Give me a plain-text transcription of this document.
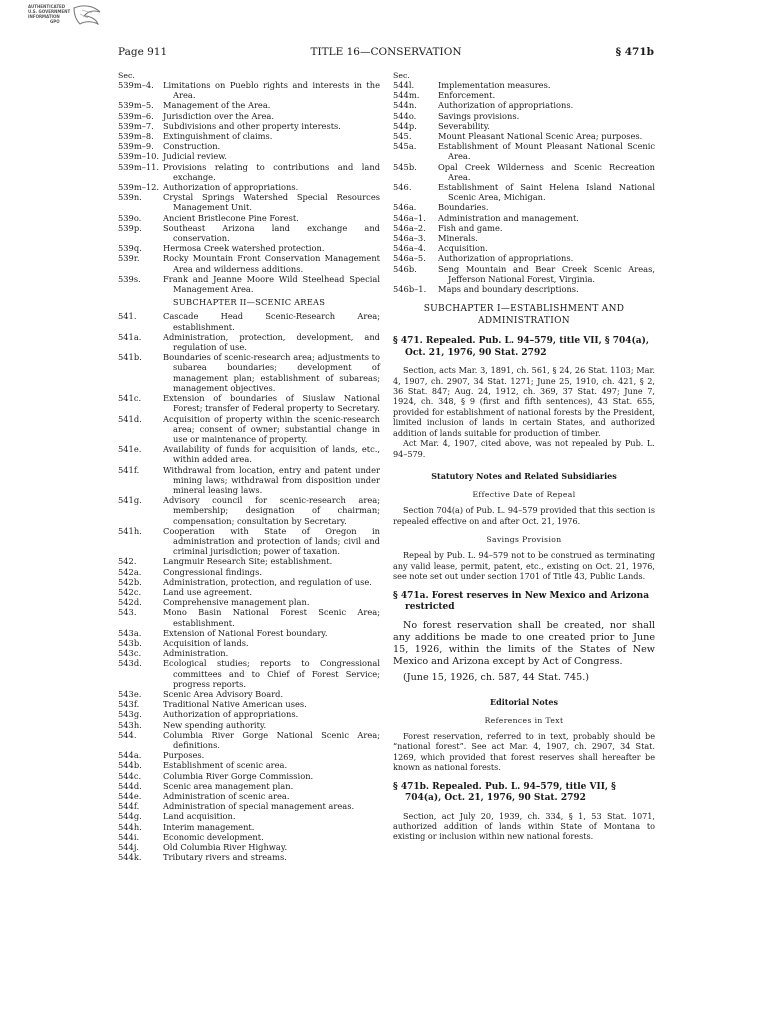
AUTHENTICATED
U.S. GOVERNMENT
INFORMATION
GPO
Page 911	TITLE 16—CONSERVATION	§ 471b
Sec.
539m–4.	Limitations on Pueblo rights and interests in the Area.
539m–5.	Management of the Area.
539m–6.	Jurisdiction over the Area.
539m–7.	Subdivisions and other property interests.
539m–8.	Extinguishment of claims.
539m–9.	Construction.
539m–10. Judicial review.
539m–11. Provisions relating to contributions and land exchange.
539m–12. Authorization of appropriations.
539n.	Crystal Springs Watershed Special Resources Management Unit.
539o.	Ancient Bristlecone Pine Forest.
539p.	Southeast Arizona land exchange and conservation.
539q.	Hermosa Creek watershed protection.
539r.	Rocky Mountain Front Conservation Management Area and wilderness additions.
539s.	Frank and Jeanne Moore Wild Steelhead Special Management Area.
SUBCHAPTER II—SCENIC AREAS
541.	Cascade Head Scenic-Research Area; establishment.
541a.	Administration, protection, development, and regulation of use.
541b.	Boundaries of scenic-research area; adjustments to subarea boundaries; development of management plan; establishment of subareas; management objectives.
541c.	Extension of boundaries of Siuslaw National Forest; transfer of Federal property to Secretary.
541d.	Acquisition of property within the scenic-research area; consent of owner; substantial change in use or maintenance of property.
541e.	Availability of funds for acquisition of lands, etc., within added area.
541f.	Withdrawal from location, entry and patent under mining laws; withdrawal from disposition under mineral leasing laws.
541g.	Advisory council for scenic-research area; membership; designation of chairman; compensation; consultation by Secretary.
541h.	Cooperation with State of Oregon in administration and protection of lands; civil and criminal jurisdiction; power of taxation.
542.	Langmuir Research Site; establishment.
542a.	Congressional findings.
542b.	Administration, protection, and regulation of use.
542c.	Land use agreement.
542d.	Comprehensive management plan.
543.	Mono Basin National Forest Scenic Area; establishment.
543a.	Extension of National Forest boundary.
543b.	Acquisition of lands.
543c.	Administration.
543d.	Ecological studies; reports to Congressional committees and to Chief of Forest Service; progress reports.
543e.	Scenic Area Advisory Board.
543f.	Traditional Native American uses.
543g.	Authorization of appropriations.
543h.	New spending authority.
544.	Columbia River Gorge National Scenic Area; definitions.
544a.	Purposes.
544b.	Establishment of scenic area.
544c.	Columbia River Gorge Commission.
544d.	Scenic area management plan.
544e.	Administration of scenic area.
544f.	Administration of special management areas.
544g.	Land acquisition.
544h.	Interim management.
544i.	Economic development.
544j.	Old Columbia River Highway.
544k.	Tributary rivers and streams.
Sec.
544l.	Implementation measures.
544m.	Enforcement.
544n.	Authorization of appropriations.
544o.	Savings provisions.
544p.	Severability.
545.	Mount Pleasant National Scenic Area; purposes.
545a.	Establishment of Mount Pleasant National Scenic Area.
545b.	Opal Creek Wilderness and Scenic Recreation Area.
546.	Establishment of Saint Helena Island National Scenic Area, Michigan.
546a.	Boundaries.
546a–1.	Administration and management.
546a–2.	Fish and game.
546a–3.	Minerals.
546a–4.	Acquisition.
546a–5.	Authorization of appropriations.
546b.	Seng Mountain and Bear Creek Scenic Areas, Jefferson National Forest, Virginia.
546b–1.	Maps and boundary descriptions.
SUBCHAPTER I—ESTABLISHMENT AND
ADMINISTRATION
§ 471. Repealed. Pub. L. 94–579, title VII, § 704(a), Oct. 21, 1976, 90 Stat. 2792
Section, acts Mar. 3, 1891, ch. 561, § 24, 26 Stat. 1103; Mar. 4, 1907, ch. 2907, 34 Stat. 1271; June 25, 1910, ch. 421, § 2, 36 Stat. 847; Aug. 24, 1912, ch. 369, 37 Stat. 497; June 7, 1924, ch. 348, § 9 (first and fifth sentences), 43 Stat. 655, provided for establishment of national forests by the President, limited inclusion of lands in certain States, and authorized addition of lands suitable for production of timber.
Act Mar. 4, 1907, cited above, was not repealed by Pub. L. 94–579.
Statutory Notes and Related Subsidiaries
Effective Date of Repeal
Section 704(a) of Pub. L. 94–579 provided that this section is repealed effective on and after Oct. 21, 1976.
Savings Provision
Repeal by Pub. L. 94–579 not to be construed as terminating any valid lease, permit, patent, etc., existing on Oct. 21, 1976, see note set out under section 1701 of Title 43, Public Lands.
§ 471a. Forest reserves in New Mexico and Arizona restricted
No forest reservation shall be created, nor shall any additions be made to one created prior to June 15, 1926, within the limits of the States of New Mexico and Arizona except by Act of Congress.
(June 15, 1926, ch. 587, 44 Stat. 745.)
Editorial Notes
References in Text
Forest reservation, referred to in text, probably should be “national forest”. See act Mar. 4, 1907, ch. 2907, 34 Stat. 1269, which provided that forest reserves shall hereafter be known as national forests.
§ 471b. Repealed. Pub. L. 94–579, title VII, § 704(a), Oct. 21, 1976, 90 Stat. 2792
Section, act July 20, 1939, ch. 334, § 1, 53 Stat. 1071, authorized addition of lands within State of Montana to existing or inclusion within new national forests.
